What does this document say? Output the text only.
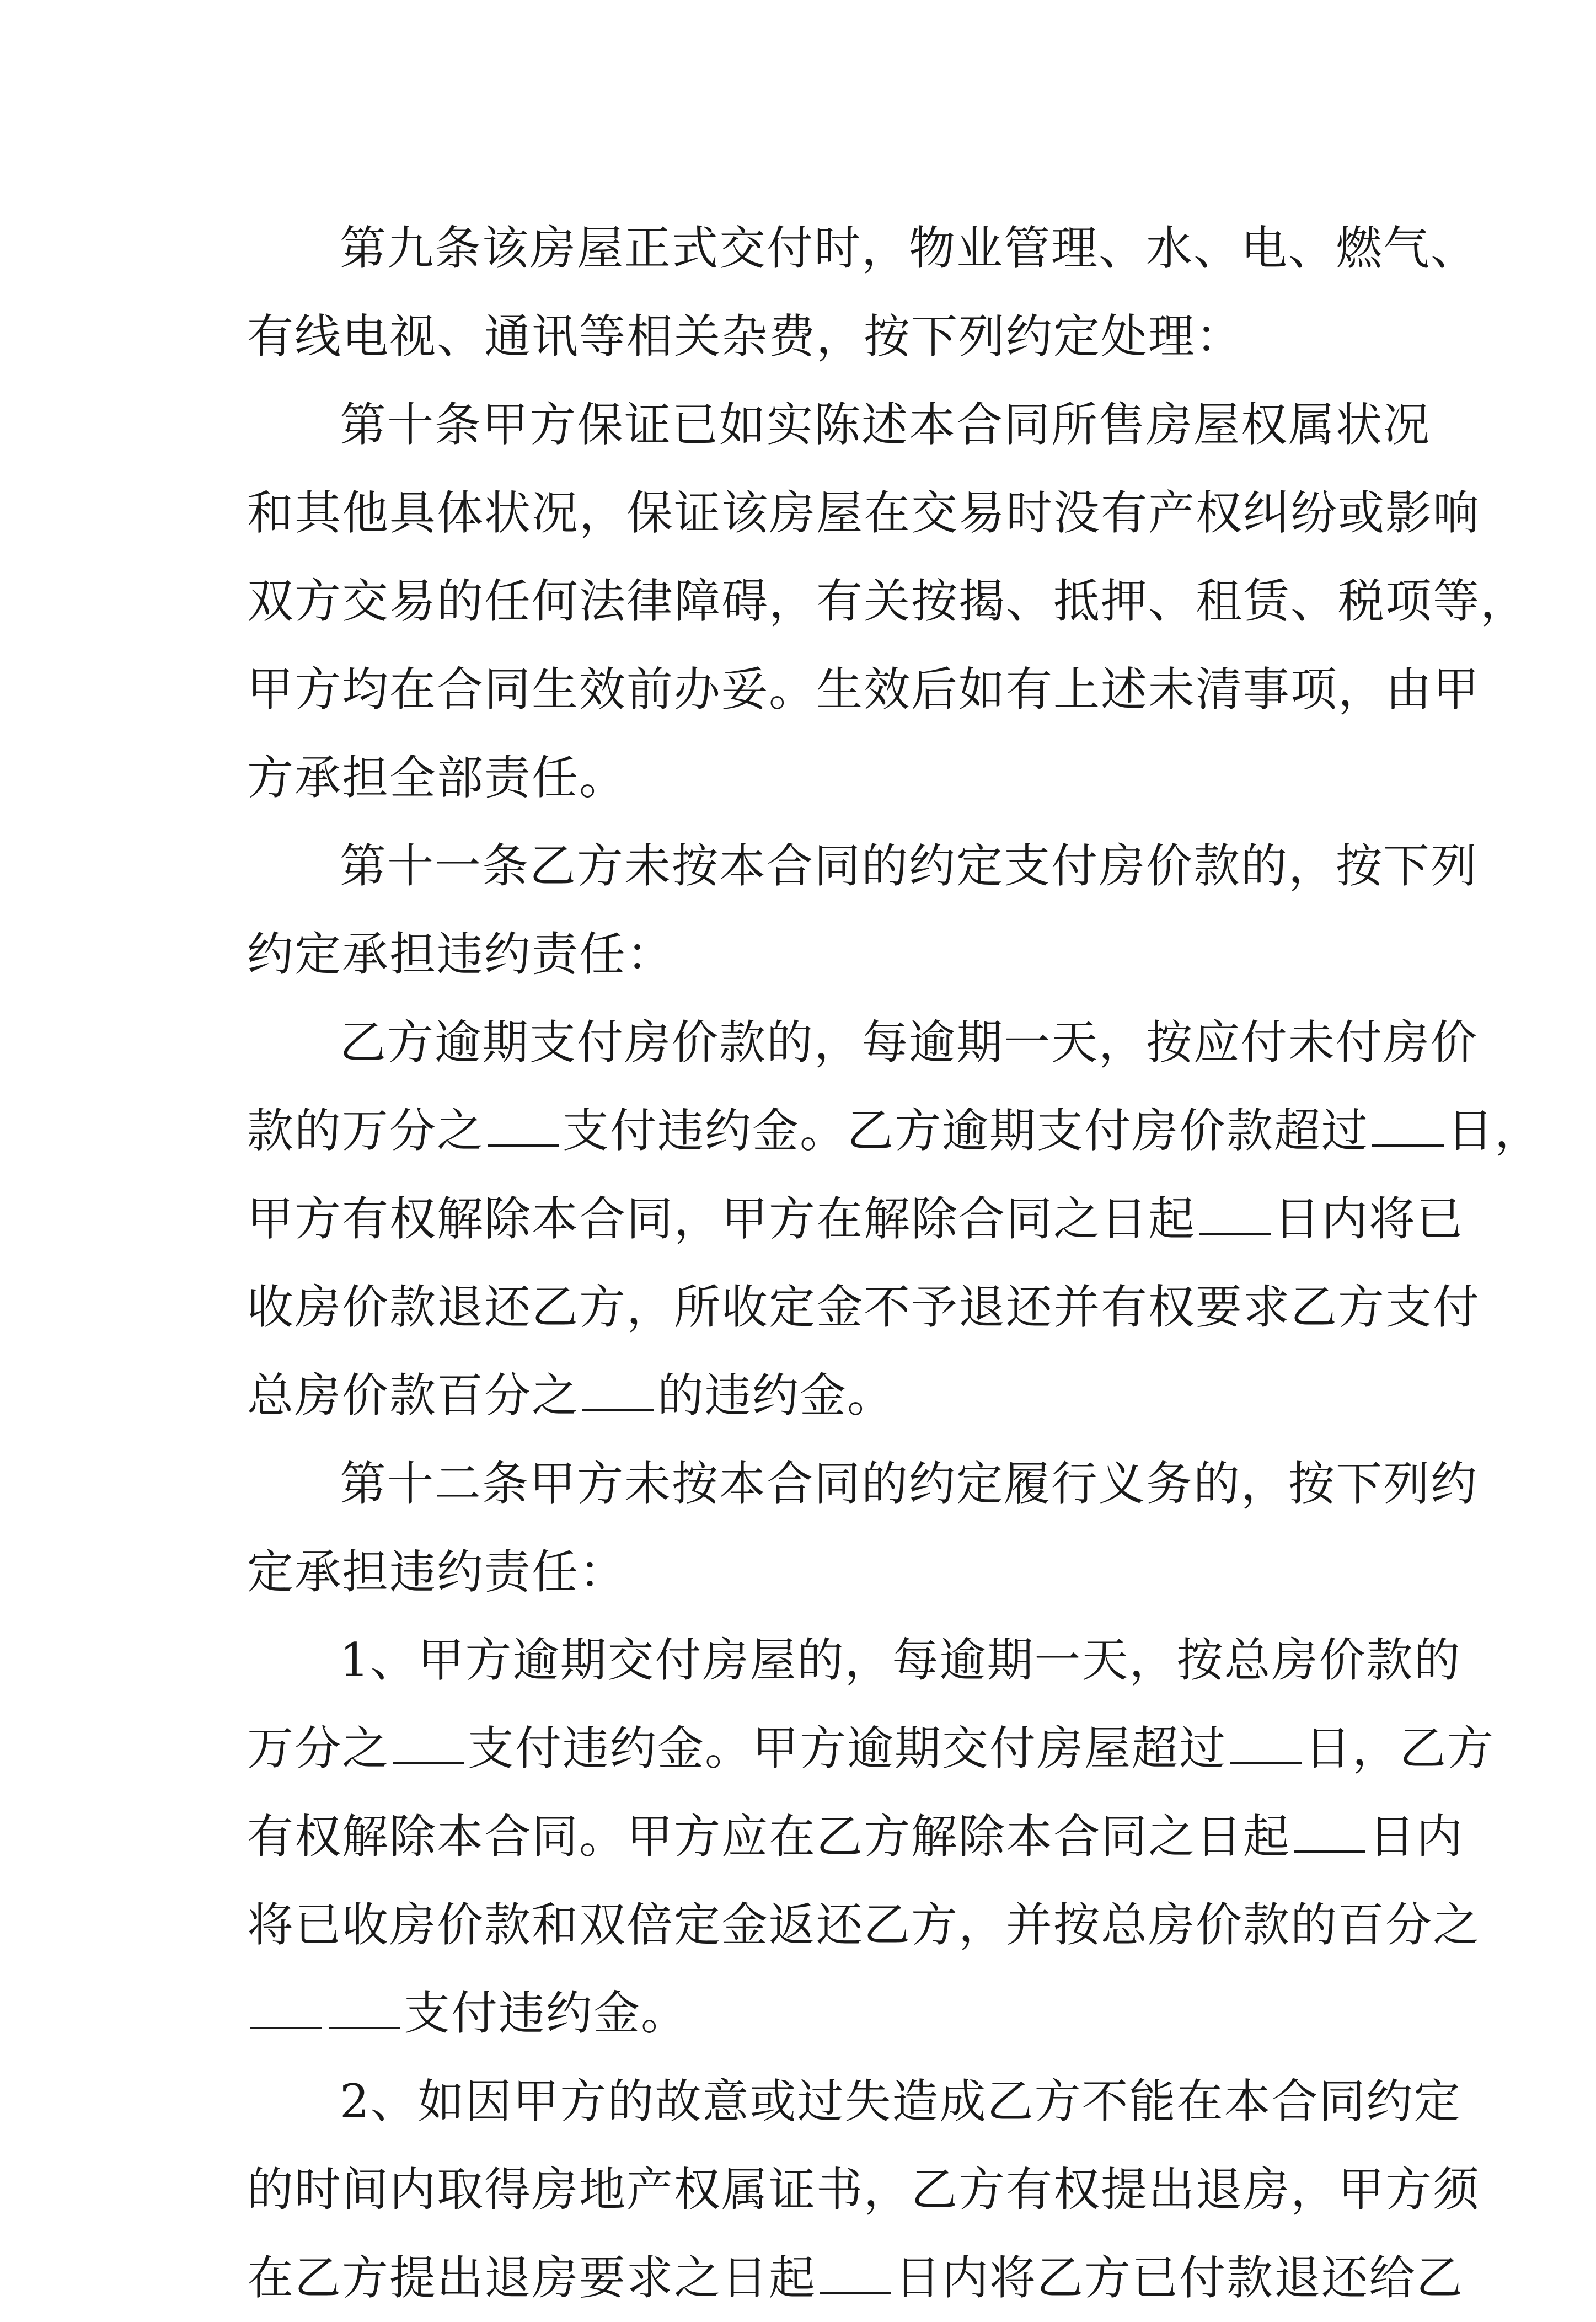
第九条该房屋正式交付时，物业管理、水、电、燃气、
有线电视、通讯等相关杂费，按下列约定处理：
第十条甲方保证已如实陈述本合同所售房屋权属状况
和其他具体状况，保证该房屋在交易时没有产权纠纷或影响
双方交易的任何法律障碍，有关按揭、抵押、租赁、税项等，
甲方均在合同生效前办妥。生效后如有上述未清事项，由甲
方承担全部责任。
第十一条乙方未按本合同的约定支付房价款的，按下列
约定承担违约责任：
乙方逾期支付房价款的，每逾期一天，按应付未付房价
款的万分之 支付违约金。乙方逾期支付房价款超过 日，
甲方有权解除本合同，甲方在解除合同之日起 日内将已
收房价款退还乙方，所收定金不予退还并有权要求乙方支付
总房价款百分之 的违约金。
第十二条甲方未按本合同的约定履行义务的，按下列约
定承担违约责任：
1、甲方逾期交付房屋的，每逾期一天，按总房价款的
万分之 支付违约金。甲方逾期交付房屋超过 日，乙方
有权解除本合同。甲方应在乙方解除本合同之日起 日内
将已收房价款和双倍定金返还乙方，并按总房价款的百分之
支付违约金。
2、如因甲方的故意或过失造成乙方不能在本合同约定
的时间内取得房地产权属证书，乙方有权提出退房，甲方须
在乙方提出退房要求之日起 日内将乙方已付款退还给乙
